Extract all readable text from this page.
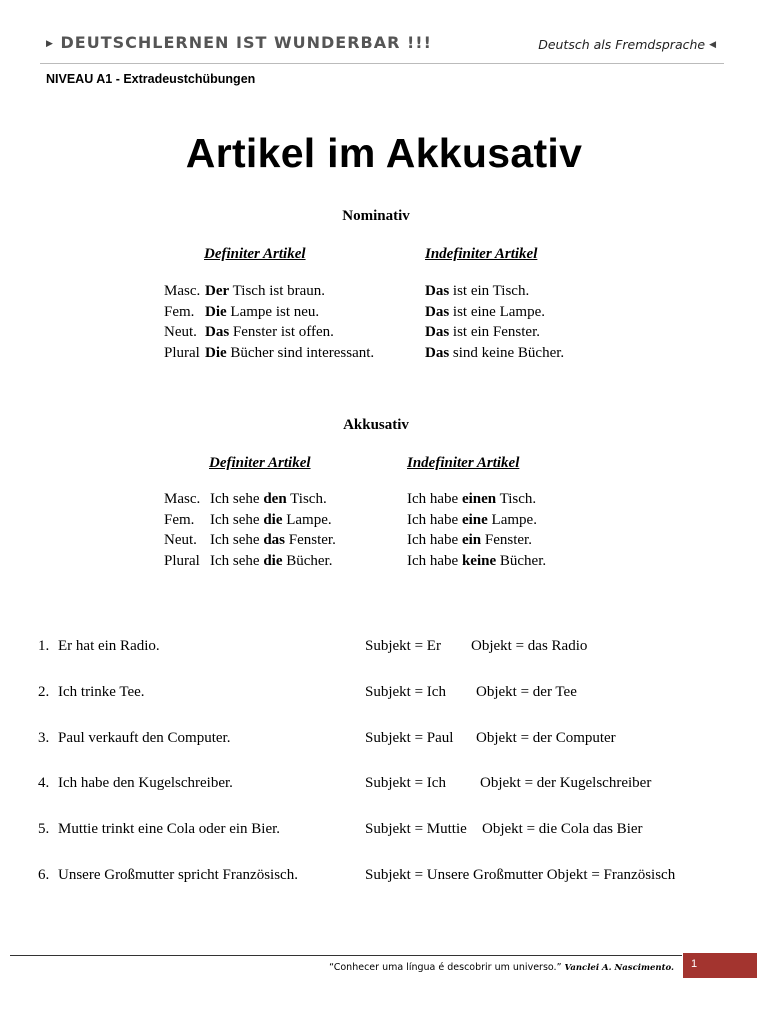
▶ DEUTSCHLERNEN IST WUNDERBAR !!!	Deutsch als Fremdsprache ◀
NIVEAU A1 - Extradeustchübungen
Artikel im Akkusativ
Nominativ
Definiter Artikel	Indefiniter Artikel
Masc. Der Tisch ist braun.	Das ist ein Tisch.
Fem. Die Lampe ist neu.	Das ist eine Lampe.
Neut. Das Fenster ist offen.	Das ist ein Fenster.
Plural Die Bücher sind interessant.	Das sind keine Bücher.
Akkusativ
Definiter Artikel	Indefiniter Artikel
Masc. Ich sehe den Tisch.	Ich habe einen Tisch.
Fem. Ich sehe die Lampe.	Ich habe eine Lampe.
Neut. Ich sehe das Fenster.	Ich habe ein Fenster.
Plural Ich sehe die Bücher.	Ich habe keine Bücher.
1. Er hat ein Radio.	Subjekt = Er Objekt = das Radio
2. Ich trinke Tee.	Subjekt = Ich Objekt = der Tee
3. Paul verkauft den Computer.	Subjekt = Paul Objekt = der Computer
4. Ich habe den Kugelschreiber.	Subjekt = Ich Objekt = der Kugelschreiber
5. Muttie trinkt eine Cola oder ein Bier.	Subjekt = Muttie Objekt = die Cola das Bier
6. Unsere Großmutter spricht Französisch.	Subjekt = Unsere Großmutter Objekt = Französisch
“Conhecer uma língua é descobrir um universo.” Vanclei A. Nascimento. 1
